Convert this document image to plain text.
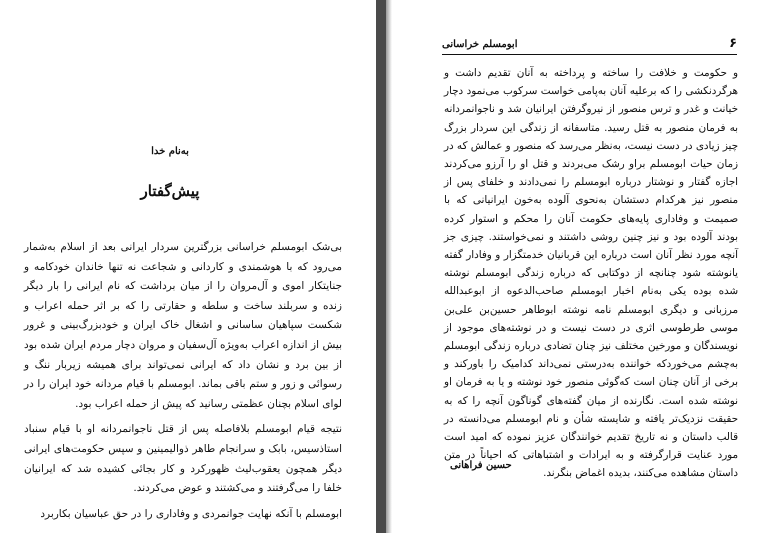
به‌نام خدا
پیش‌گفتار

بی‌شک ابومسلم خراسانی بزرگترین سردار ایرانی بعد از اسلام به‌شمار می‌رود که با هوشمندی و کاردانی و شجاعت نه تنها خاندان خودکامه و جنایتکار اموی و آل‌مروان را از میان برداشت که نام ایرانی را بار دیگر زنده و سربلند ساخت و سلطه و حقارتی را که بر اثر حمله اعراب و شکست سپاهیان ساسانی و اشغال خاک ایران و خودبزرگ‌بینی و غرور بیش از اندازه اعراب به‌ویژه آل‌سفیان و مروان دچار مردم ایران شده بود از بین برد و نشان داد که ایرانی نمی‌تواند برای همیشه زیربار ننگ و رسوائی و زور و ستم باقی بماند. ابومسلم با قیام مردانه خود ایران را در لوای اسلام بچنان عظمتی رسانید که پیش از حمله اعراب بود.

نتیجه قیام ابومسلم بلافاصله پس از قتل ناجوانمردانه او با قیام سنباد استاذسیس، بابک و سرانجام طاهر ذوالیمینین و سپس حکومت‌های ایرانی دیگر همچون یعقوب‌لیث ظهورکرد و کار بجائی کشیده شد که ایرانیان خلفا را می‌گرفتند و می‌کشتند و عوض می‌کردند.

ابومسلم با آنکه نهایت جوانمردی و وفاداری را در حق عباسیان بکاربرد

۶
ابومسلم خراسانی

و حکومت و خلافت را ساخته و پرداخته به آنان تقدیم داشت و هرگردنکشی را که برعلیه آنان به‌پامی خواست سرکوب می‌نمود دچار خیانت و غدر و ترس منصور از نیروگرفتن ایرانیان شد و ناجوانمردانه به فرمان منصور به قتل رسید. متاسفانه از زندگی این سردار بزرگ چیز زیادی در دست نیست، به‌نظر می‌رسد که منصور و عمالش که در زمان حیات ابومسلم براو رشک می‌بردند و قتل او را آرزو می‌کردند اجازه گفتار و نوشتار درباره ابومسلم را نمی‌دادند و خلفای پس از منصور نیز هرکدام دستشان به‌نحوی آلوده به‌خون ایرانیانی که با صمیمت و وفاداری پایه‌های حکومت آنان را محکم و استوار کرده بودند آلوده بود و نیز چنین روشی داشتند و نمی‌خواستند. چیزی جز آنچه مورد نظر آنان است درباره این قربانیان خدمتگزار و وفادار گفته یانوشته شود چنانچه از دوکتابی که درباره زندگی ابومسلم نوشته شده بوده یکی به‌نام اخبار ابومسلم صاحب‌الدعوه از ابوعبدالله مرزبانی و دیگری ابومسلم نامه نوشته ابوطاهر حسین‌بن علی‌بن موسی طرطوسی اثری در دست نیست و در نوشته‌های موجود از نویسندگان و مورخین مختلف نیز چنان تضادی درباره زندگی ابومسلم به‌چشم می‌خوردکه خواننده به‌درستی نمی‌داند کدامیک را باورکند و برخی از آنان چنان است که‌گوئی منصور خود نوشته و یا به فرمان او نوشته شده است. نگارنده از میان گفته‌های گوناگون آنچه را که به حقیقت نزدیک‌تر یافته و شایسته شأن و نام ابومسلم می‌دانسته در قالب داستان و نه تاریخ تقدیم خوانندگان عزیز نموده که امید است مورد عنایت قرارگرفته و به ایرادات و اشتباهاتی که احیاناً در متن داستان مشاهده می‌کنند، بدیده اغماض بنگرند.

حسین فراهانی
